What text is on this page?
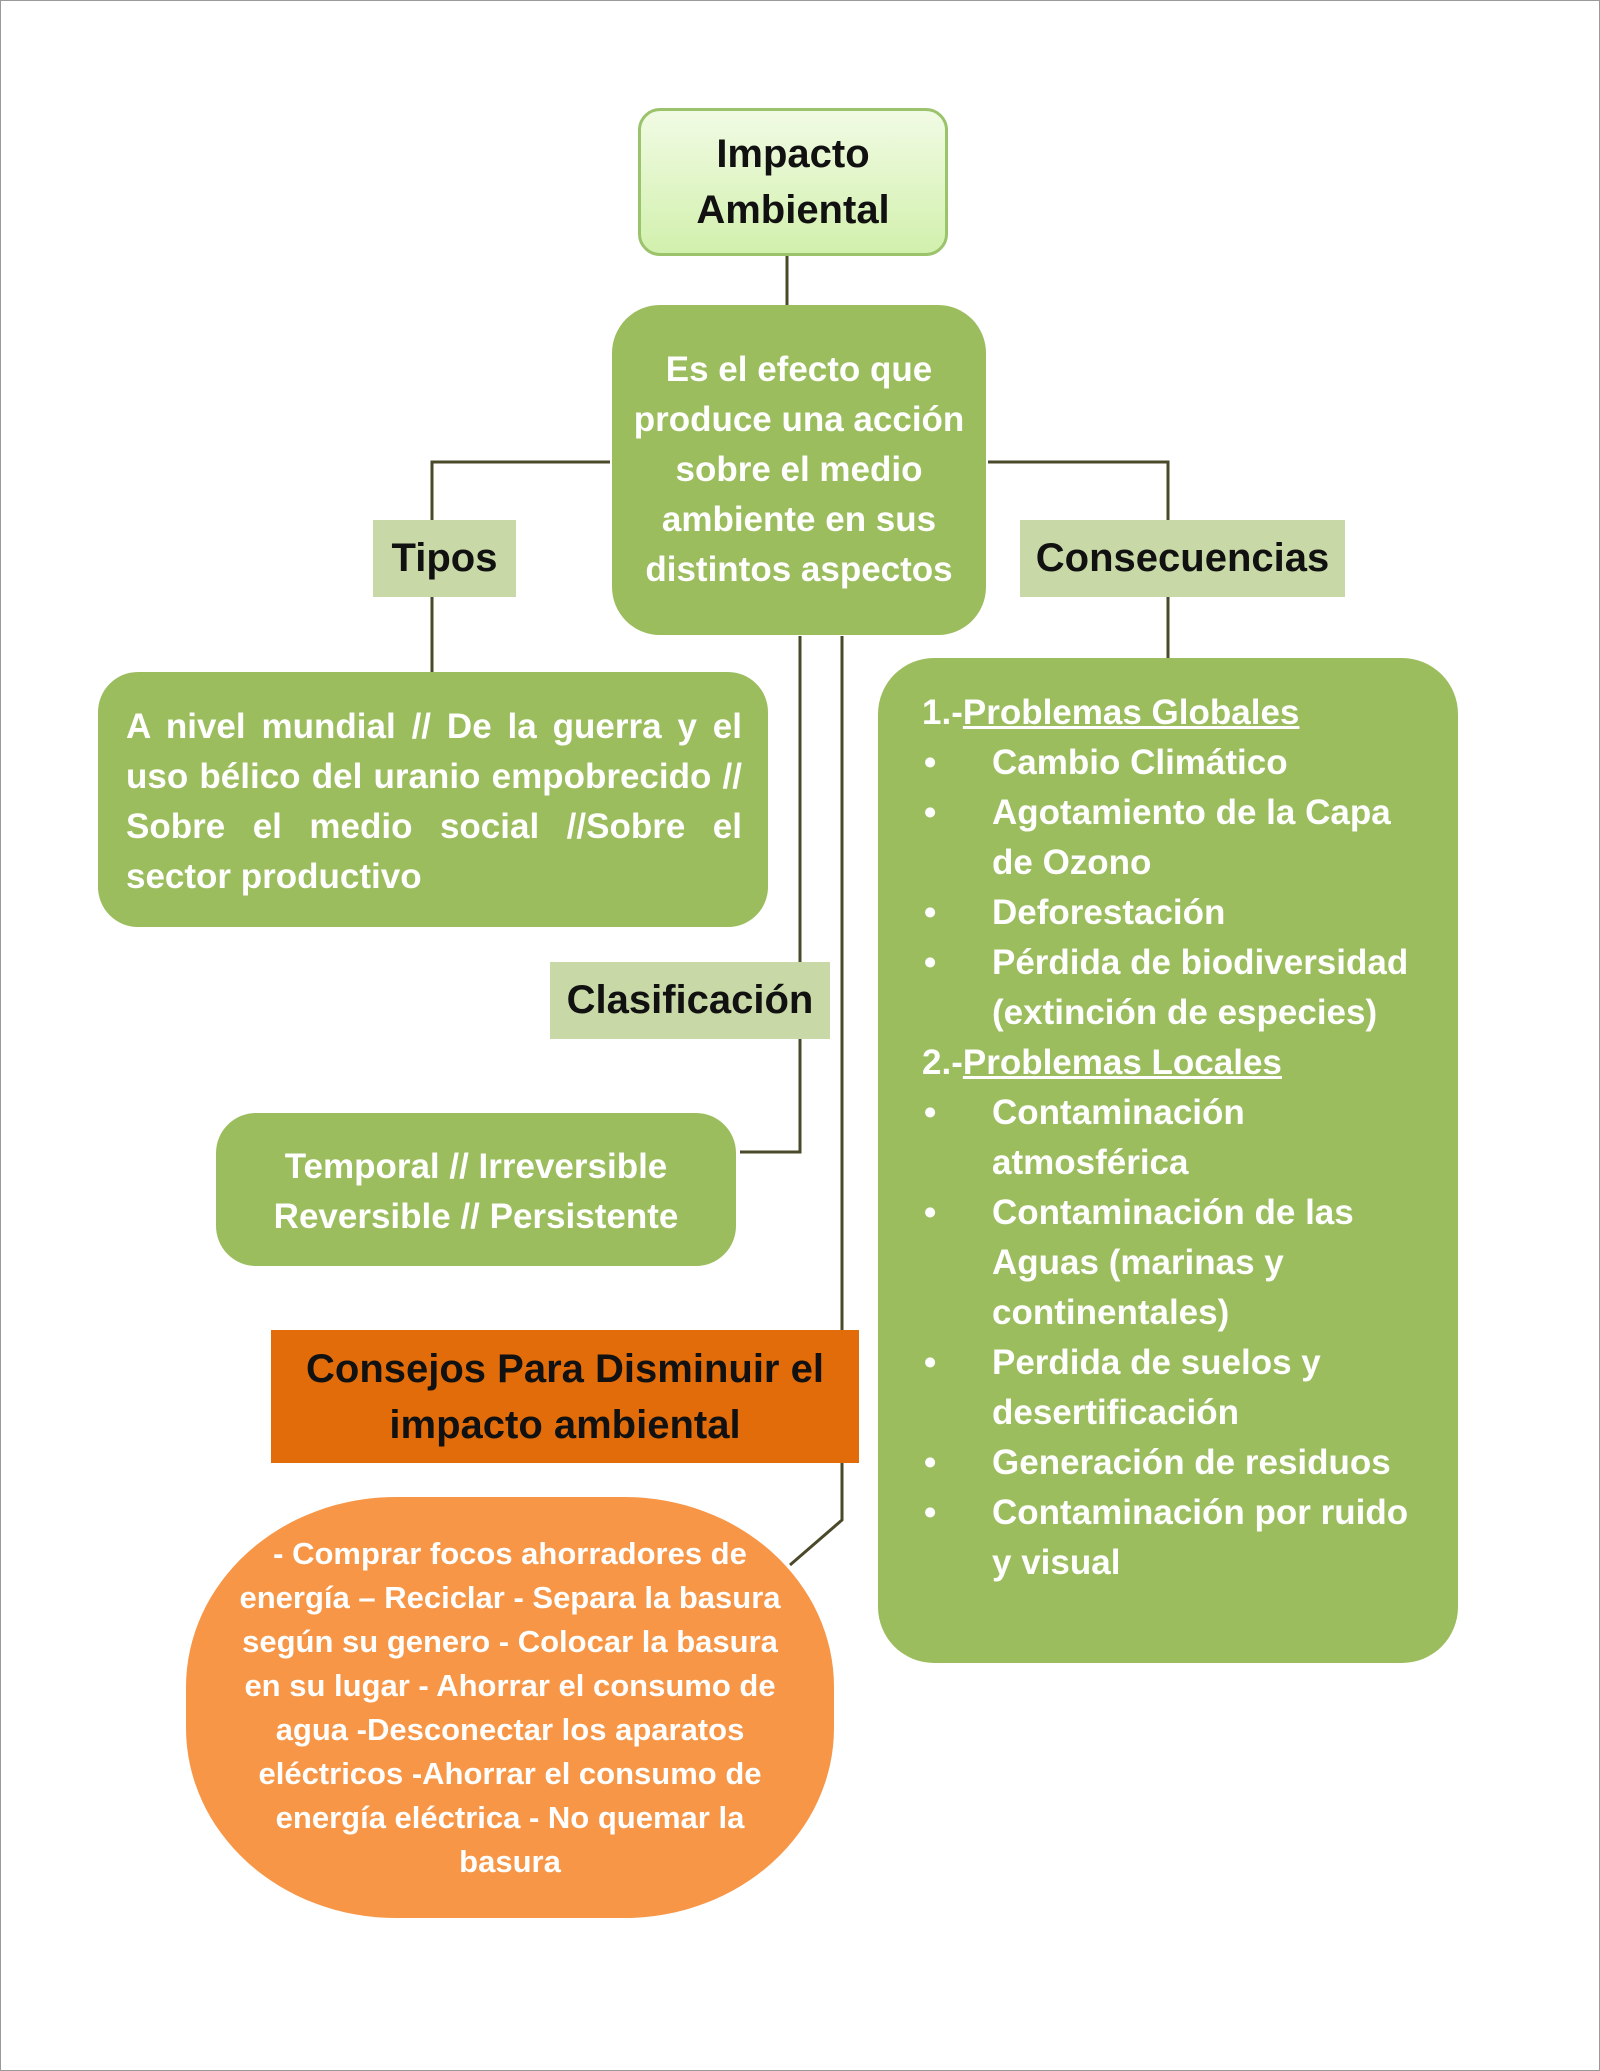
Impacto Ambiental
Es el efecto que produce una acción sobre el medio ambiente en sus distintos aspectos
Tipos	Consecuencias
A nivel mundial // De la guerra y el uso bélico del uranio empobrecido // Sobre el medio social //Sobre el sector productivo
Clasificación
Temporal // Irreversible
Reversible // Persistente
1.-Problemas Globales
• Cambio Climático
• Agotamiento de la Capa de Ozono
• Deforestación
• Pérdida de biodiversidad (extinción de especies)
2.-Problemas Locales
• Contaminación atmosférica
• Contaminación de las Aguas (marinas y continentales)
• Perdida de suelos y desertificación
• Generación de residuos
• Contaminación por ruido y visual
Consejos Para Disminuir el impacto ambiental
- Comprar focos ahorradores de energía – Reciclar - Separa la basura según su genero - Colocar la basura en su lugar - Ahorrar el consumo de agua -Desconectar los aparatos eléctricos -Ahorrar el consumo de energía eléctrica - No quemar la basura
